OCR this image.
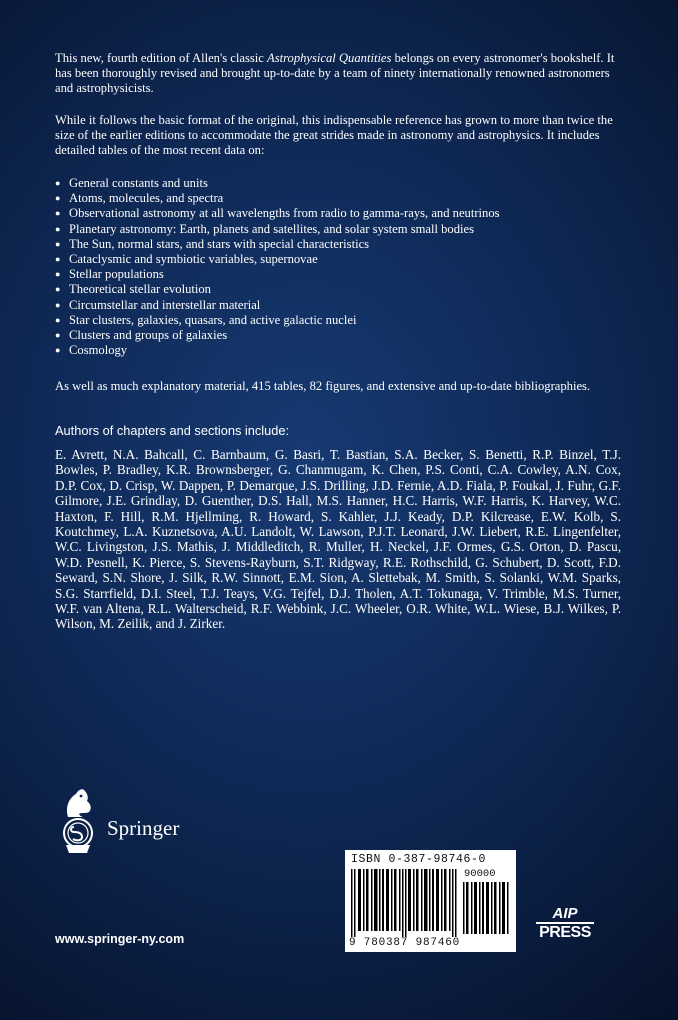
This new, fourth edition of Allen's classic Astrophysical Quantities belongs on every astronomer's bookshelf. It has been thoroughly revised and brought up-to-date by a team of ninety internationally renowned astronomers and astrophysicists.

While it follows the basic format of the original, this indispensable reference has grown to more than twice the size of the earlier editions to accommodate the great strides made in astronomy and astrophysics. It includes detailed tables of the most recent data on:

● General constants and units
● Atoms, molecules, and spectra
● Observational astronomy at all wavelengths from radio to gamma-rays, and neutrinos
● Planetary astronomy: Earth, planets and satellites, and solar system small bodies
● The Sun, normal stars, and stars with special characteristics
● Cataclysmic and symbiotic variables, supernovae
● Stellar populations
● Theoretical stellar evolution
● Circumstellar and interstellar material
● Star clusters, galaxies, quasars, and active galactic nuclei
● Clusters and groups of galaxies
● Cosmology

As well as much explanatory material, 415 tables, 82 figures, and extensive and up-to-date bibliographies.

Authors of chapters and sections include:

E. Avrett, N.A. Bahcall, C. Barnbaum, G. Basri, T. Bastian, S.A. Becker, S. Benetti, R.P. Binzel, T.J. Bowles, P. Bradley, K.R. Brownsberger, G. Chanmugam, K. Chen, P.S. Conti, C.A. Cowley, A.N. Cox, D.P. Cox, D. Crisp, W. Dappen, P. Demarque, J.S. Drilling, J.D. Fernie, A.D. Fiala, P. Foukal, J. Fuhr, G.F. Gilmore, J.E. Grindlay, D. Guenther, D.S. Hall, M.S. Hanner, H.C. Harris, W.F. Harris, K. Harvey, W.C. Haxton, F. Hill, R.M. Hjellming, R. Howard, S. Kahler, J.J. Keady, D.P. Kilcrease, E.W. Kolb, S. Koutchmey, L.A. Kuznetsova, A.U. Landolt, W. Lawson, P.J.T. Leonard, J.W. Liebert, R.E. Lingenfelter, W.C. Livingston, J.S. Mathis, J. Middleditch, R. Muller, H. Neckel, J.F. Ormes, G.S. Orton, D. Pascu, W.D. Pesnell, K. Pierce, S. Stevens-Rayburn, S.T. Ridgway, R.E. Rothschild, G. Schubert, D. Scott, F.D. Seward, S.N. Shore, J. Silk, R.W. Sinnott, E.M. Sion, A. Slettebak, M. Smith, S. Solanki, W.M. Sparks, S.G. Starrfield, D.I. Steel, T.J. Teays, V.G. Tejfel, D.J. Tholen, A.T. Tokunaga, V. Trimble, M.S. Turner, W.F. van Altena, R.L. Walterscheid, R.F. Webbink, J.C. Wheeler, O.R. White, W.L. Wiese, B.J. Wilkes, P. Wilson, M. Zeilik, and J. Zirker.

Springer
www.springer-ny.com
ISBN 0-387-98746-0
90000
9 780387 987460
AIP
PRESS
